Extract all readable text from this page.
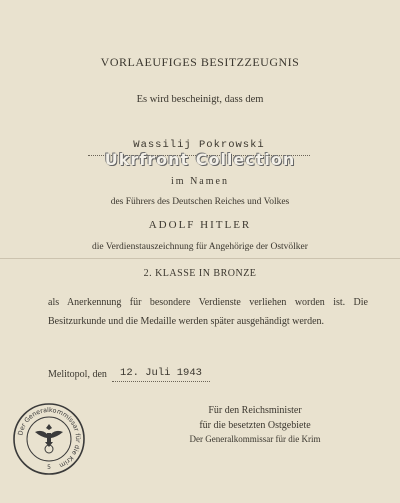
VORLAEUFIGES BESITZZEUGNIS
Es wird bescheinigt, dass dem
Wassilij Pokrowski
Ukrfront Collection
im Namen
des Führers des Deutschen Reiches und Volkes
ADOLF HITLER
die Verdienstauszeichnung für Angehörige der Ostvölker
2. KLASSE IN BRONZE
als Anerkennung für besondere Verdienste verliehen worden ist. Die Besitzurkunde und die Medaille werden später ausgehändigt werden.
Melitopol, den	12. Juli 1943
Für den Reichsminister
für die besetzten Ostgebiete
Der Generalkommissar für die Krim
Der Generalkommissar für die Krim
5
